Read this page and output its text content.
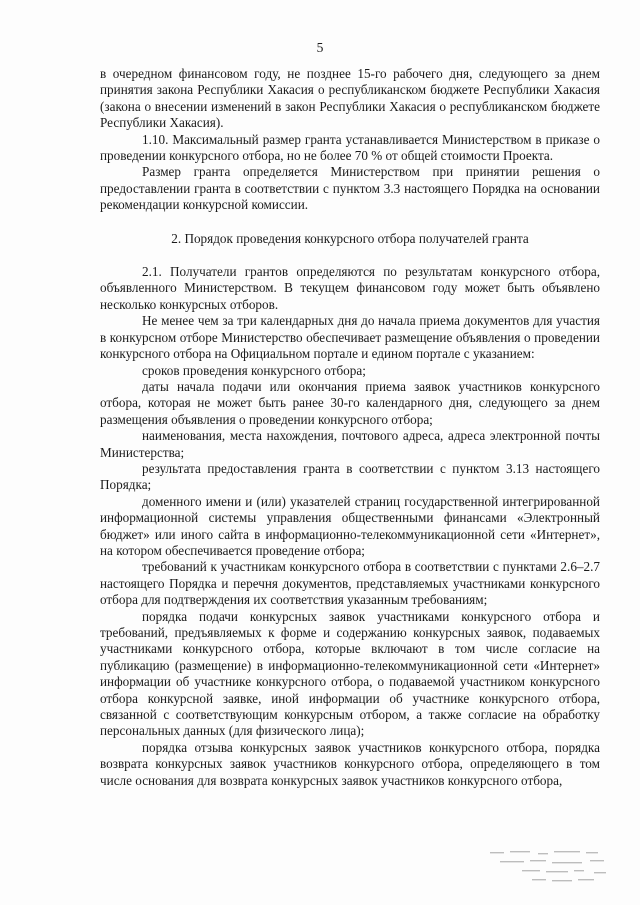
5

в очередном финансовом году, не позднее 15-го рабочего дня, следующего за днем принятия закона Республики Хакасия о республиканском бюджете Республики Хакасия (закона о внесении изменений в закон Республики Хакасия о республиканском бюджете Республики Хакасия).

1.10. Максимальный размер гранта устанавливается Министерством в приказе о проведении конкурсного отбора, но не более 70 % от общей стоимости Проекта.

Размер гранта определяется Министерством при принятии решения о предоставлении гранта в соответствии с пунктом 3.3 настоящего Порядка на основании рекомендации конкурсной комиссии.

2. Порядок проведения конкурсного отбора получателей гранта

2.1. Получатели грантов определяются по результатам конкурсного отбора, объявленного Министерством. В текущем финансовом году может быть объявлено несколько конкурсных отборов.

Не менее чем за три календарных дня до начала приема документов для участия в конкурсном отборе Министерство обеспечивает размещение объявления о проведении конкурсного отбора на Официальном портале и едином портале с указанием:

сроков проведения конкурсного отбора;

даты начала подачи или окончания приема заявок участников конкурсного отбора, которая не может быть ранее 30-го календарного дня, следующего за днем размещения объявления о проведении конкурсного отбора;

наименования, места нахождения, почтового адреса, адреса электронной почты Министерства;

результата предоставления гранта в соответствии с пунктом 3.13 настоящего Порядка;

доменного имени и (или) указателей страниц государственной интегрированной информационной системы управления общественными финансами «Электронный бюджет» или иного сайта в информационно-телекоммуникационной сети «Интернет», на котором обеспечивается проведение отбора;

требований к участникам конкурсного отбора в соответствии с пунктами 2.6–2.7 настоящего Порядка и перечня документов, представляемых участниками конкурсного отбора для подтверждения их соответствия указанным требованиям;

порядка подачи конкурсных заявок участниками конкурсного отбора и требований, предъявляемых к форме и содержанию конкурсных заявок, подаваемых участниками конкурсного отбора, которые включают в том числе согласие на публикацию (размещение) в информационно-телекоммуникационной сети «Интернет» информации об участнике конкурсного отбора, о подаваемой участником конкурсного отбора конкурсной заявке, иной информации об участнике конкурсного отбора, связанной с соответствующим конкурсным отбором, а также согласие на обработку персональных данных (для физического лица);

порядка отзыва конкурсных заявок участников конкурсного отбора, порядка возврата конкурсных заявок участников конкурсного отбора, определяющего в том числе основания для возврата конкурсных заявок участников конкурсного отбора,
